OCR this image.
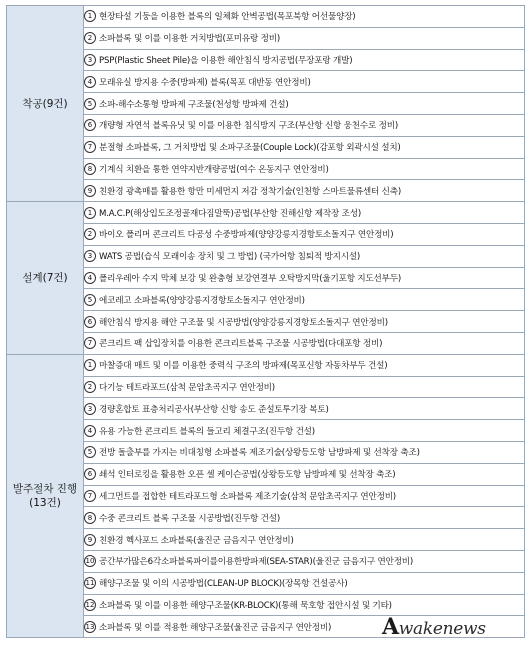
착공(9건)	1 현장타설 기둥을 이용한 블록의 일체화 안벽공법(목포북항 어선물양장)
	2 소파블록 및 이를 이용한 거치방법(포미유랑 정비)
	3 PSP(Plastic Sheet Pile)을 이용한 해안침식 방지공법(무장포랑 개발)
	4 모래유실 방지용 수중(방파제) 블록(목포 대반동 연안정비)
	5 소파-해수소통형 방파제 구조물(천성항 방파제 건설)
	6 개량형 자연석 블록유닛 및 이를 이용한 침식방지 구조(부산항 신항 웅천수로 정비)
	7 분절형 소파블록, 그 거치방법 및 소파구조물(Couple Lock)(감포항 외곽시설 설치)
	8 기계식 치환을 통한 연약지반개량공법(여수 온동지구 연안정비)
	9 친환경 광촉매를 활용한 항만 미세먼지 저감 정착기술(인천항 스마트물류센터 신축)
설계(7건)	1 M.A.C.P(해상입도조정골재다짐말뚝)공법(부산항 진해신항 제작장 조성)
	2 바이오 폴리머 콘크리트 다공성 수중방파제(양양강릉지경항토소돌지구 연안정비)
	3 WATS 공법(습식 모래이송 장치 및 그 방법) (국가어항 침퇴적 방지시설)
	4 폴리우레아 수지 막체 보강 및 완충형 보강연결부 오탁방지막(울기포항 지도선부두)
	5 에코레고 소파블록(양양강릉지경항토소돌지구 연안정비)
	6 해안침식 방지용 해안 구조물 및 시공방법(양양강릉지경항토소돌지구 연안정비)
	7 콘크리트 팩 삽입장치를 이용한 콘크리트블록 구조물 시공방법(다대포항 정비)
발주절차 진행
(13건)	1 마찰증대 매트 및 이를 이용한 중력식 구조의 방파제(목포신항 자동차부두 건설)
	2 다기능 테트라포드(삼척 문암초곡지구 연안정비)
	3 경량혼합토 표층처리공사(부산항 신항 송도 준설토투기장 복토)
	4 유용 가능한 콘크리트 블록의 들고리 체결구조(진두항 건설)
	5 전방 돌출부를 가지는 비대칭형 소파블록 제조기술(상왕등도항 남방파제 및 선착장 축조)
	6 쇄석 인터로킹을 활용한 오픈 셀 케이슨공법(상왕등도항 남방파제 및 선착장 축조)
	7 세그먼트를 접합한 테트라포드형 소파블록 제조기술(삼척 문암초곡지구 연안정비)
	8 수중 콘크리트 블록 구조물 시공방법(진두항 건설)
	9 친환경 헥사포드 소파블록(울진군 금음지구 연안정비)
	10 공간부가많은6각소파블록파이를이용한방파제(SEA-STAR)(울진군 금음지구 연안정비)
	11 해양구조물 및 이의 시공방법(CLEAN-UP BLOCK)(장목항 건설공사)
	12 소파블록 및 이를 이용한 해양구조물(KR-BLOCK)(통해 묵호항 접안시설 및 기타)
	13 소파블록 및 이를 적용한 해양구조물(울진군 금음지구 연안정비) Awakenews
